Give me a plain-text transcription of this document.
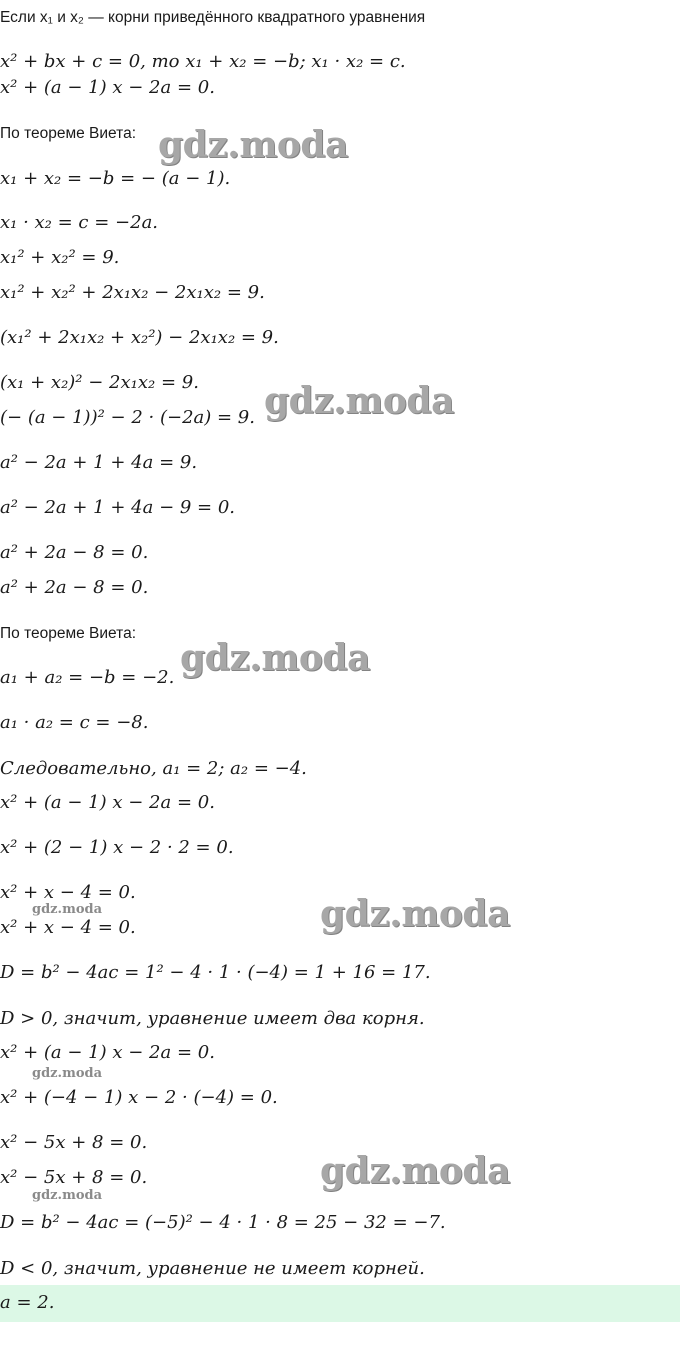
Если x₁ и x₂ — корни приведённого квадратного уравнения
x² + bx + c = 0, то x₁ + x₂ = −b; x₁ · x₂ = c.
x² + (a − 1) x − 2a = 0.
По теореме Виета:
x₁ + x₂ = −b = − (a − 1).
x₁ · x₂ = c = −2a.
x₁² + x₂² = 9.
x₁² + x₂² + 2x₁x₂ − 2x₁x₂ = 9.
(x₁² + 2x₁x₂ + x₂²) − 2x₁x₂ = 9.
(x₁ + x₂)² − 2x₁x₂ = 9.
(− (a − 1))² − 2 · (−2a) = 9.
a² − 2a + 1 + 4a = 9.
a² − 2a + 1 + 4a − 9 = 0.
a² + 2a − 8 = 0.
a² + 2a − 8 = 0.
По теореме Виета:
a₁ + a₂ = −b = −2.
a₁ · a₂ = c = −8.
Следовательно, a₁ = 2; a₂ = −4.
x² + (a − 1) x − 2a = 0.
x² + (2 − 1) x − 2 · 2 = 0.
x² + x − 4 = 0.
x² + x − 4 = 0.
D = b² − 4ac = 1² − 4 · 1 · (−4) = 1 + 16 = 17.
D > 0, значит, уравнение имеет два корня.
x² + (a − 1) x − 2a = 0.
x² + (−4 − 1) x − 2 · (−4) = 0.
x² − 5x + 8 = 0.
x² − 5x + 8 = 0.
D = b² − 4ac = (−5)² − 4 · 1 · 8 = 25 − 32 = −7.
D < 0, значит, уравнение не имеет корней.
a = 2.
gdz.moda
gdz.moda
gdz.moda
gdz.moda
gdz.moda
gdz.moda
gdz.moda
gdz.moda
